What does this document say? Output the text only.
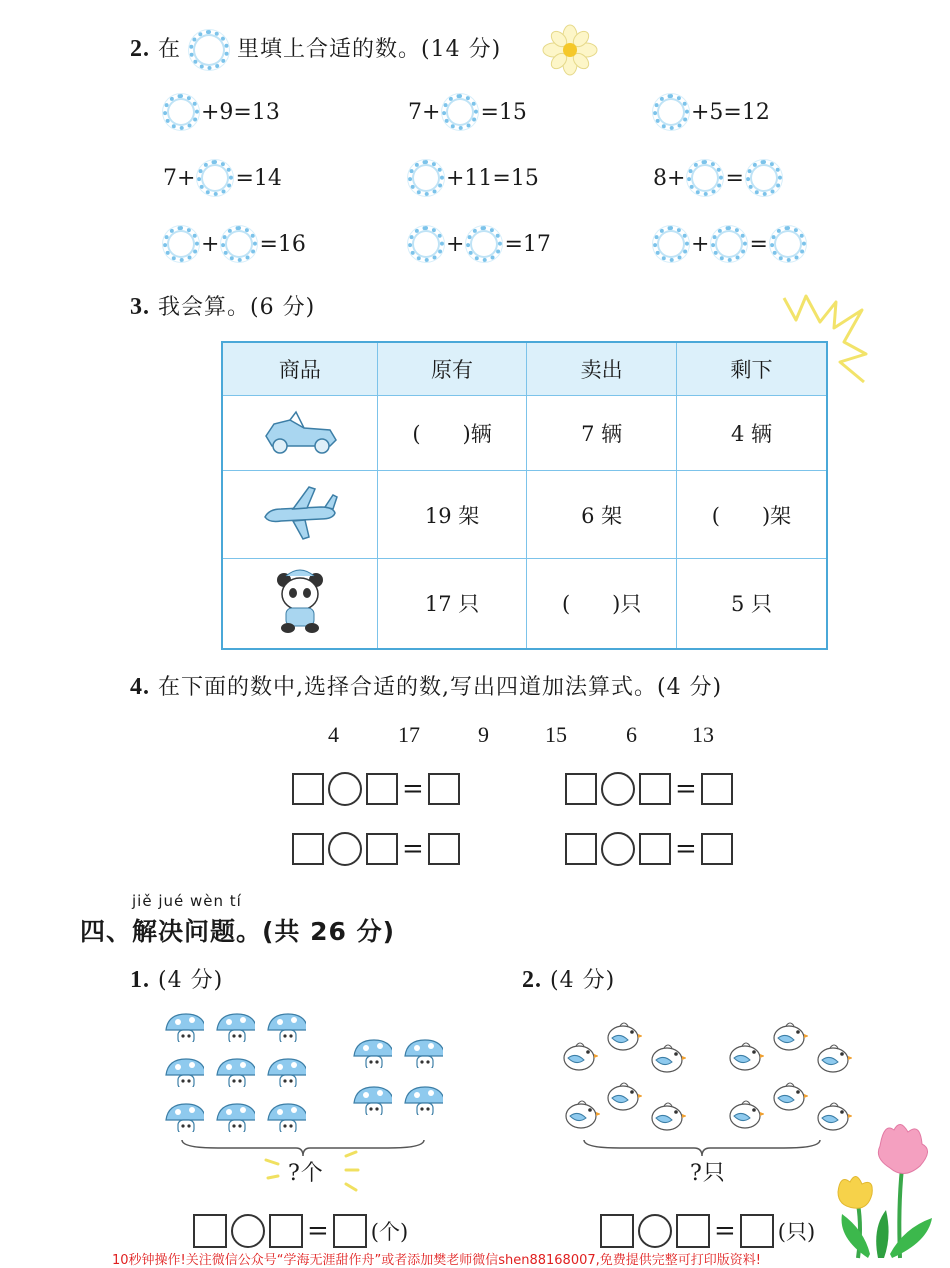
2. 在	里填上合适的数。(14 分)
+9=13	7+ =15	+5=12
7+ =14	+11=15	8+ =
+ =16	+ =17	+ =
3. 我会算。(6 分)
商品	原有	卖出	剩下
	(　　)辆	7 辆	4 辆
	19 架	6 架	(　　)架
	17 只	(　　)只	5 只
4. 在下面的数中,选择合适的数,写出四道加法算式。(4 分)
4	17	9	15	6	13
=	=
=	=
jiě jué wèn tí
四、解决问题。(共 26 分)
1. (4 分)	2. (4 分)
?个	?只
= (个)	= (只)
10秒钟操作!关注微信公众号“学海无涯甜作舟”或者添加樊老师微信shen88168007,免费提供完整可打印版资料!
